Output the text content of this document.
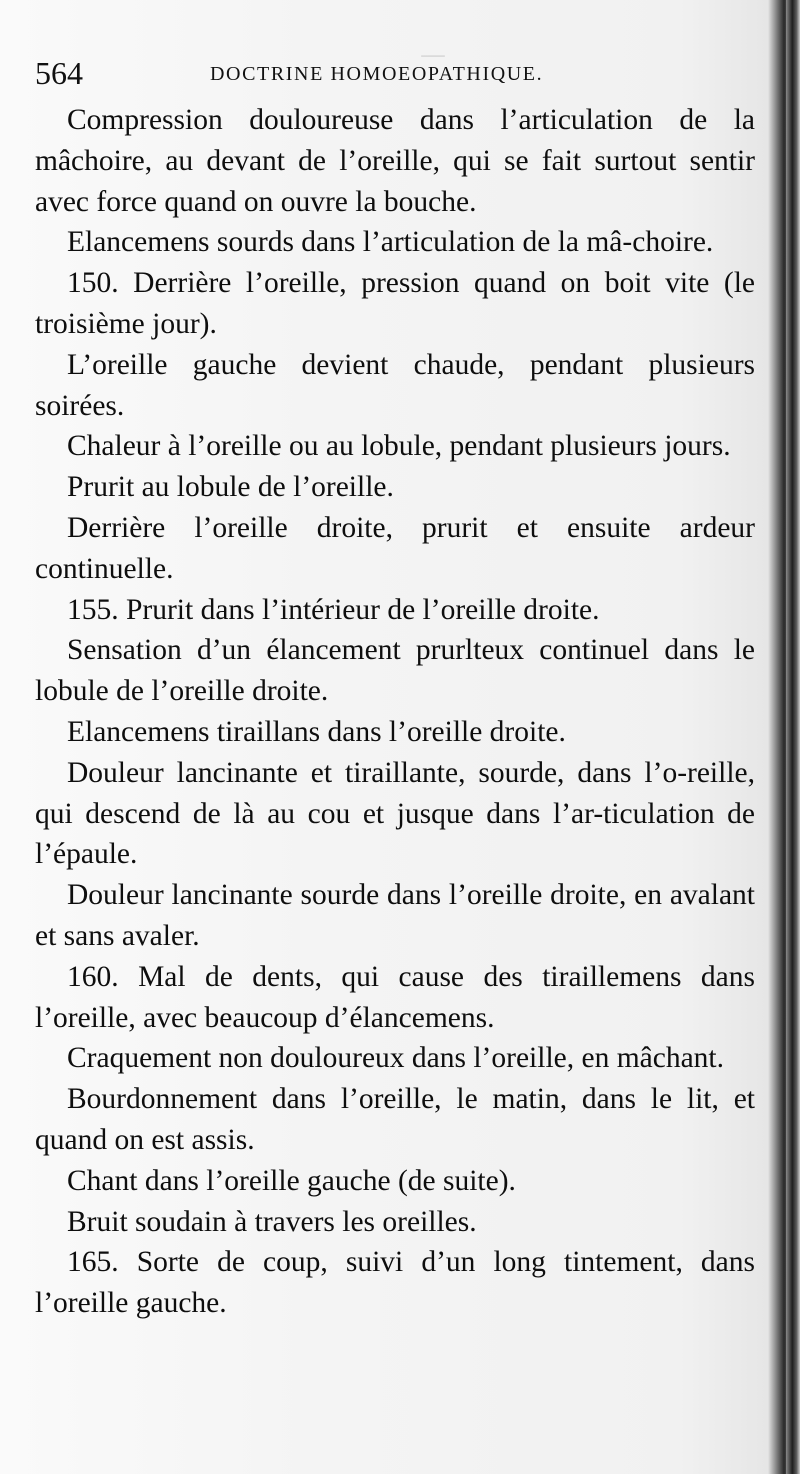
—
564	DOCTRINE HOMOEOPATHIQUE.

Compression douloureuse dans l’articulation de la mâchoire, au devant de l’oreille, qui se fait surtout sentir avec force quand on ouvre la bouche.

Elancemens sourds dans l’articulation de la mâ-choire.

150. Derrière l’oreille, pression quand on boit vite (le troisième jour).

L’oreille gauche devient chaude, pendant plusieurs soirées.

Chaleur à l’oreille ou au lobule, pendant plusieurs jours.

Prurit au lobule de l’oreille.

Derrière l’oreille droite, prurit et ensuite ardeur continuelle.

155. Prurit dans l’intérieur de l’oreille droite.

Sensation d’un élancement prurlteux continuel dans le lobule de l’oreille droite.

Elancemens tiraillans dans l’oreille droite.

Douleur lancinante et tiraillante, sourde, dans l’o-reille, qui descend de là au cou et jusque dans l’ar-ticulation de l’épaule.

Douleur lancinante sourde dans l’oreille droite, en avalant et sans avaler.

160. Mal de dents, qui cause des tiraillemens dans l’oreille, avec beaucoup d’élancemens.

Craquement non douloureux dans l’oreille, en mâchant.

Bourdonnement dans l’oreille, le matin, dans le lit, et quand on est assis.

Chant dans l’oreille gauche (de suite).

Bruit soudain à travers les oreilles.

165. Sorte de coup, suivi d’un long tintement, dans l’oreille gauche.
